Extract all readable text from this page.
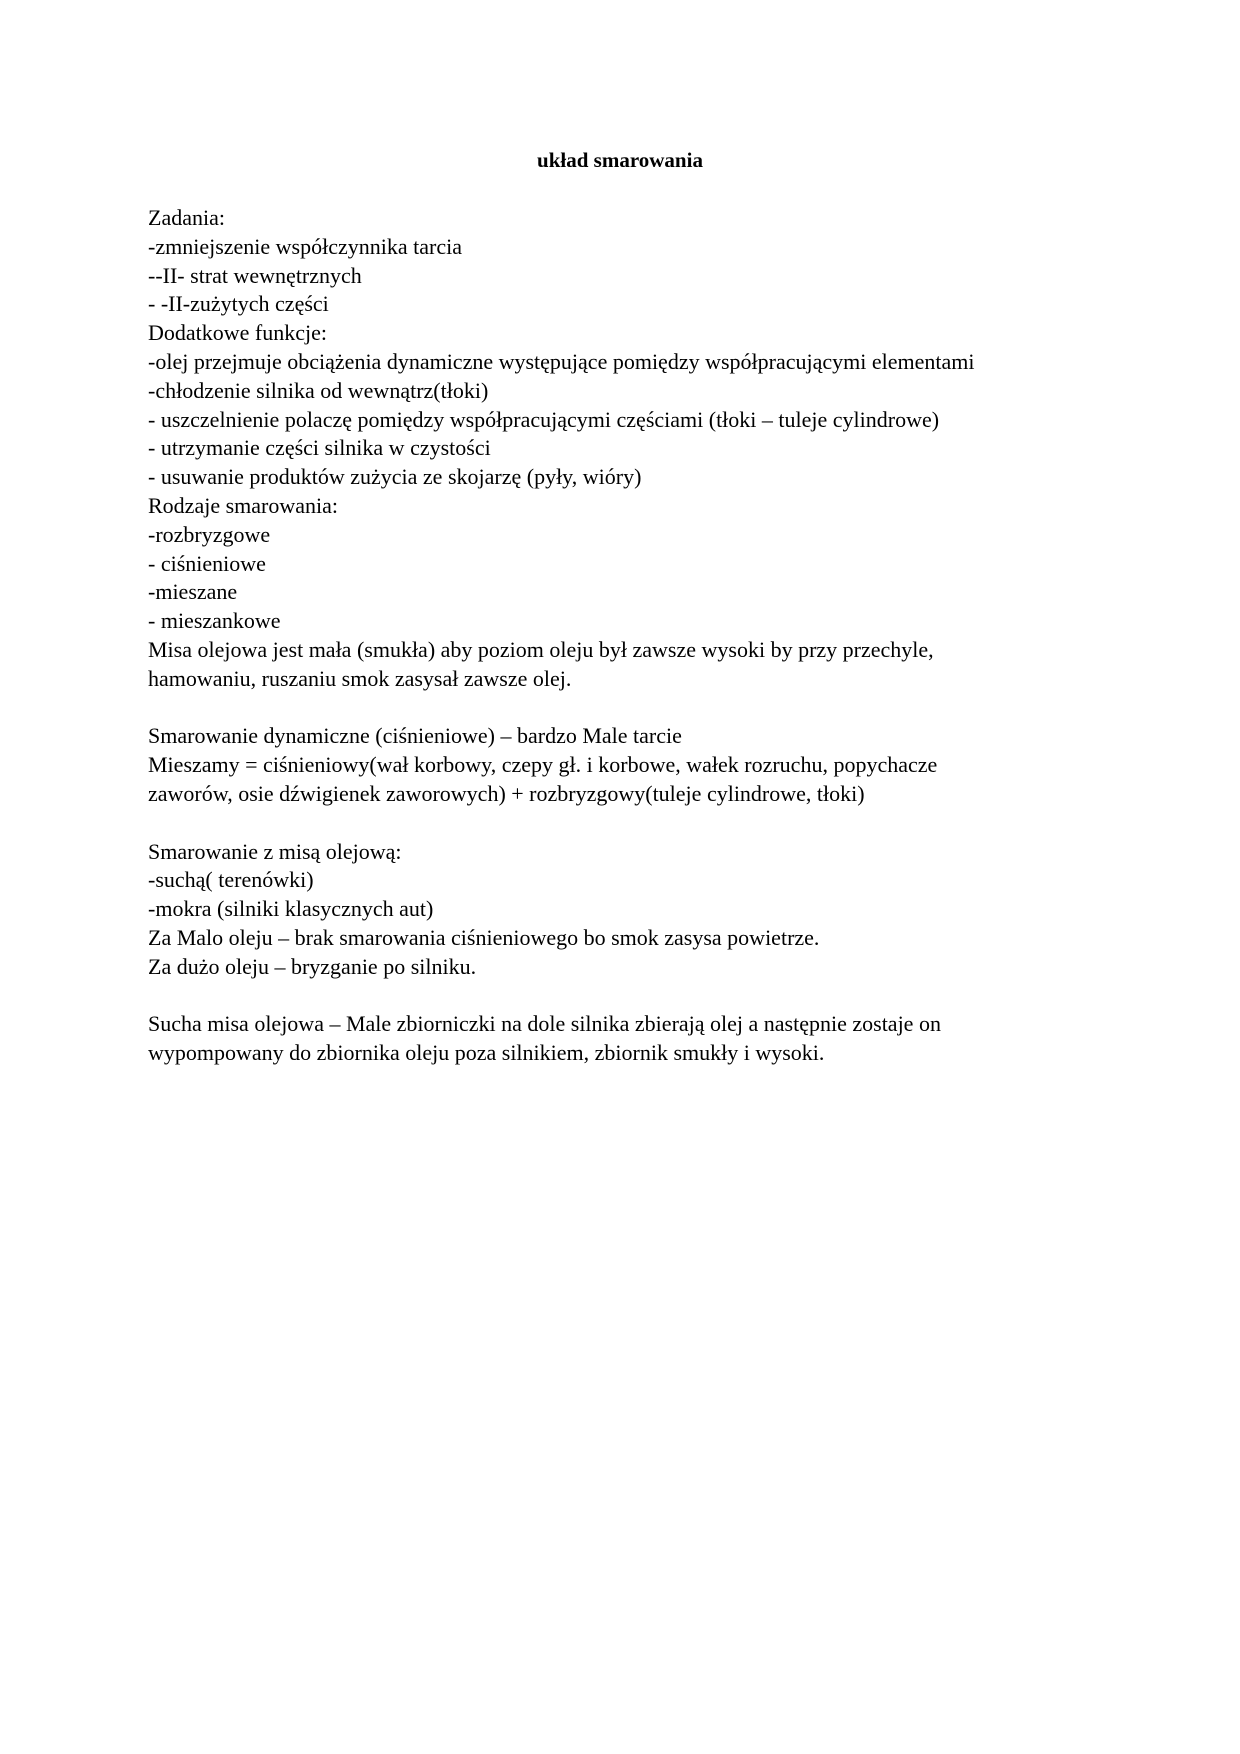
układ smarowania
Zadania:
-zmniejszenie współczynnika tarcia
--II- strat wewnętrznych
- -II-zużytych części
Dodatkowe funkcje:
-olej przejmuje obciążenia dynamiczne występujące pomiędzy współpracującymi elementami
-chłodzenie silnika od wewnątrz(tłoki)
- uszczelnienie polaczę pomiędzy współpracującymi częściami (tłoki – tuleje cylindrowe)
- utrzymanie części silnika w czystości
- usuwanie produktów zużycia ze skojarzę (pyły, wióry)
Rodzaje smarowania:
-rozbryzgowe
- ciśnieniowe
-mieszane
- mieszankowe
Misa olejowa jest mała (smukła) aby poziom oleju był zawsze wysoki by przy przechyle,
hamowaniu, ruszaniu smok zasysał zawsze olej.
Smarowanie dynamiczne (ciśnieniowe) – bardzo Male tarcie
Mieszamy = ciśnieniowy(wał korbowy, czepy gł. i korbowe, wałek rozruchu, popychacze
zaworów, osie dźwigienek zaworowych) + rozbryzgowy(tuleje cylindrowe, tłoki)
Smarowanie z misą olejową:
-suchą( terenówki)
-mokra (silniki klasycznych aut)
Za Malo oleju – brak smarowania ciśnieniowego bo smok zasysa powietrze.
Za dużo oleju – bryzganie po silniku.
Sucha misa olejowa – Male zbiorniczki na dole silnika zbierają olej a następnie zostaje on
wypompowany do zbiornika oleju poza silnikiem, zbiornik smukły i wysoki.
